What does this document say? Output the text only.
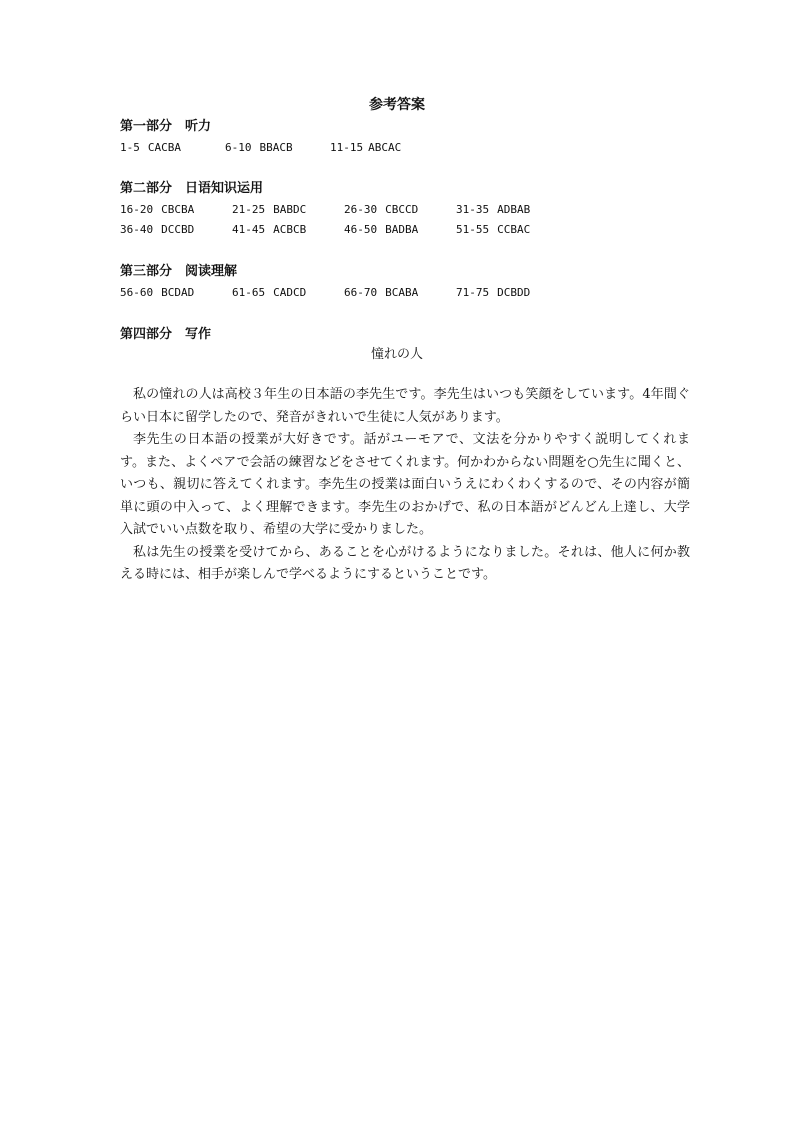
参考答案
第一部分　听力
1-5 CACBA	6-10 BBACB	11-15 ABCAC
第二部分　日语知识运用
16-20 CBCBA	21-25 BABDC	26-30 CBCCD	31-35 ADBAB
36-40 DCCBD	41-45 ACBCB	46-50 BADBA	51-55 CCBAC
第三部分　阅读理解
56-60 BCDAD	61-65 CADCD	66-70 BCABA	71-75 DCBDD
第四部分　写作
憧れの人

私の憧れの人は高校３年生の日本語の李先生です。李先生はいつも笑顔をしています。4年間ぐらい日本に留学したので、発音がきれいで生徒に人気があります。

李先生の日本語の授業が大好きです。話がユーモアで、文法を分かりやすく説明してくれます。また、よくペアで会話の練習などをさせてくれます。何かわからない問題を○先生に聞くと、いつも、親切に答えてくれます。李先生の授業は面白いうえにわくわくするので、その内容が簡単に頭の中入って、よく理解できます。李先生のおかげで、私の日本語がどんどん上達し、大学入試でいい点数を取り、希望の大学に受かりました。

私は先生の授業を受けてから、あることを心がけるようになりました。それは、他人に何か教える時には、相手が楽しんで学べるようにするということです。
